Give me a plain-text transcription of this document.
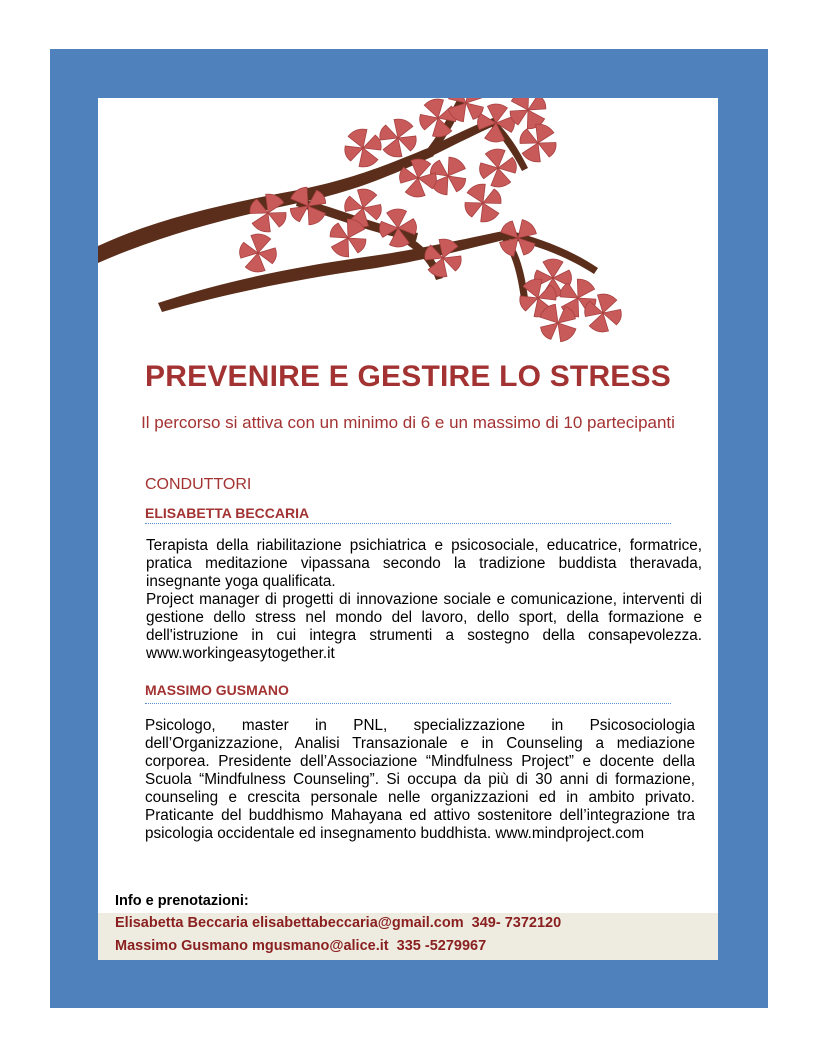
PREVENIRE E GESTIRE LO STRESS
Il percorso si attiva con un minimo di 6 e un massimo di 10 partecipanti
CONDUTTORI
ELISABETTA BECCARIA

Terapista della riabilitazione psichiatrica e psicosociale, educatrice, formatrice, pratica meditazione vipassana secondo la tradizione buddista theravada, insegnante yoga qualificata.

Project manager di progetti di innovazione sociale e comunicazione, interventi di gestione dello stress nel mondo del lavoro, dello sport, della formazione e dell'istruzione in cui integra strumenti a sostegno della consapevolezza. www.workingeasytogether.it

MASSIMO GUSMANO

Psicologo, master in PNL, specializzazione in Psicosociologia dell’Organizzazione, Analisi Transazionale e in Counseling a mediazione corporea. Presidente dell’Associazione “Mindfulness Project” e docente della Scuola “Mindfulness Counseling”. Si occupa da più di 30 anni di formazione, counseling e crescita personale nelle organizzazioni ed in ambito privato. Praticante del buddhismo Mahayana ed attivo sostenitore dell’integrazione tra psicologia occidentale ed insegnamento buddhista. www.mindproject.com

Info e prenotazioni:
Elisabetta Beccaria elisabettabeccaria@gmail.com  349- 7372120
Massimo Gusmano mgusmano@alice.it  335 -5279967
